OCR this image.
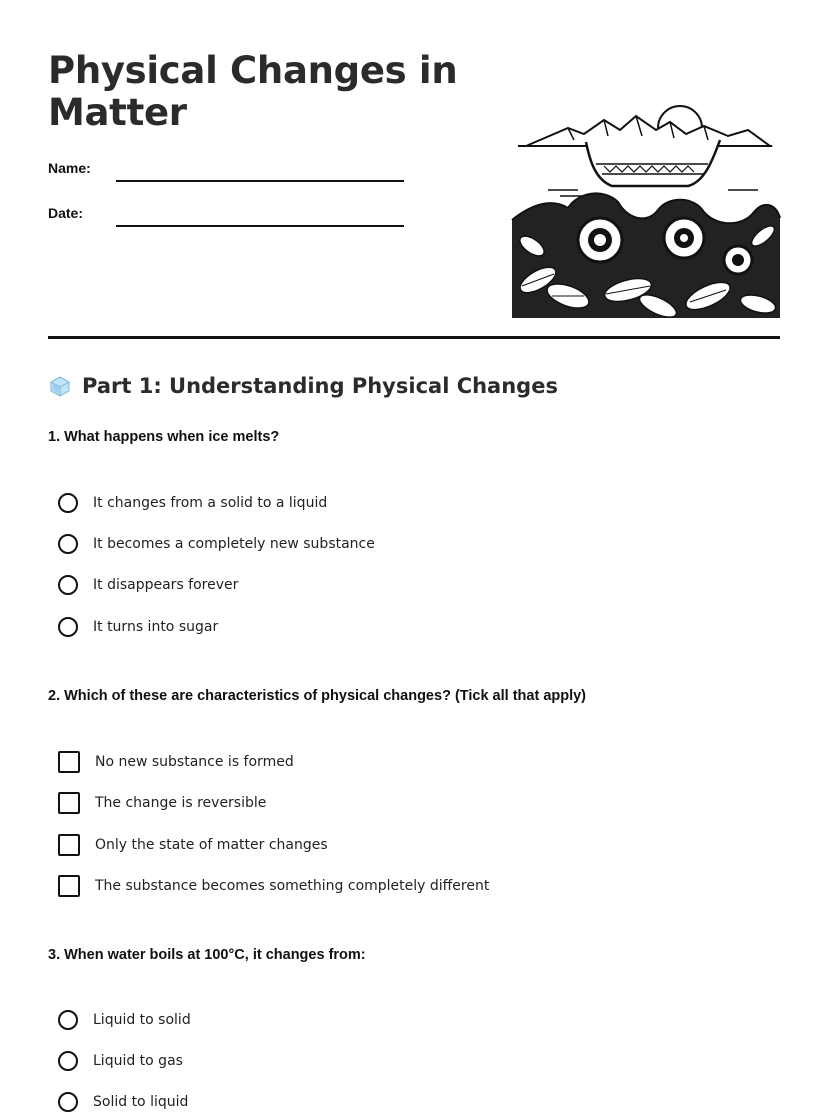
Physical Changes in Matter
Name:
Date:
Part 1: Understanding Physical Changes
1. What happens when ice melts?
It changes from a solid to a liquid
It becomes a completely new substance
It disappears forever
It turns into sugar
2. Which of these are characteristics of physical changes? (Tick all that apply)
No new substance is formed
The change is reversible
Only the state of matter changes
The substance becomes something completely different
3. When water boils at 100°C, it changes from:
Liquid to solid
Liquid to gas
Solid to liquid
